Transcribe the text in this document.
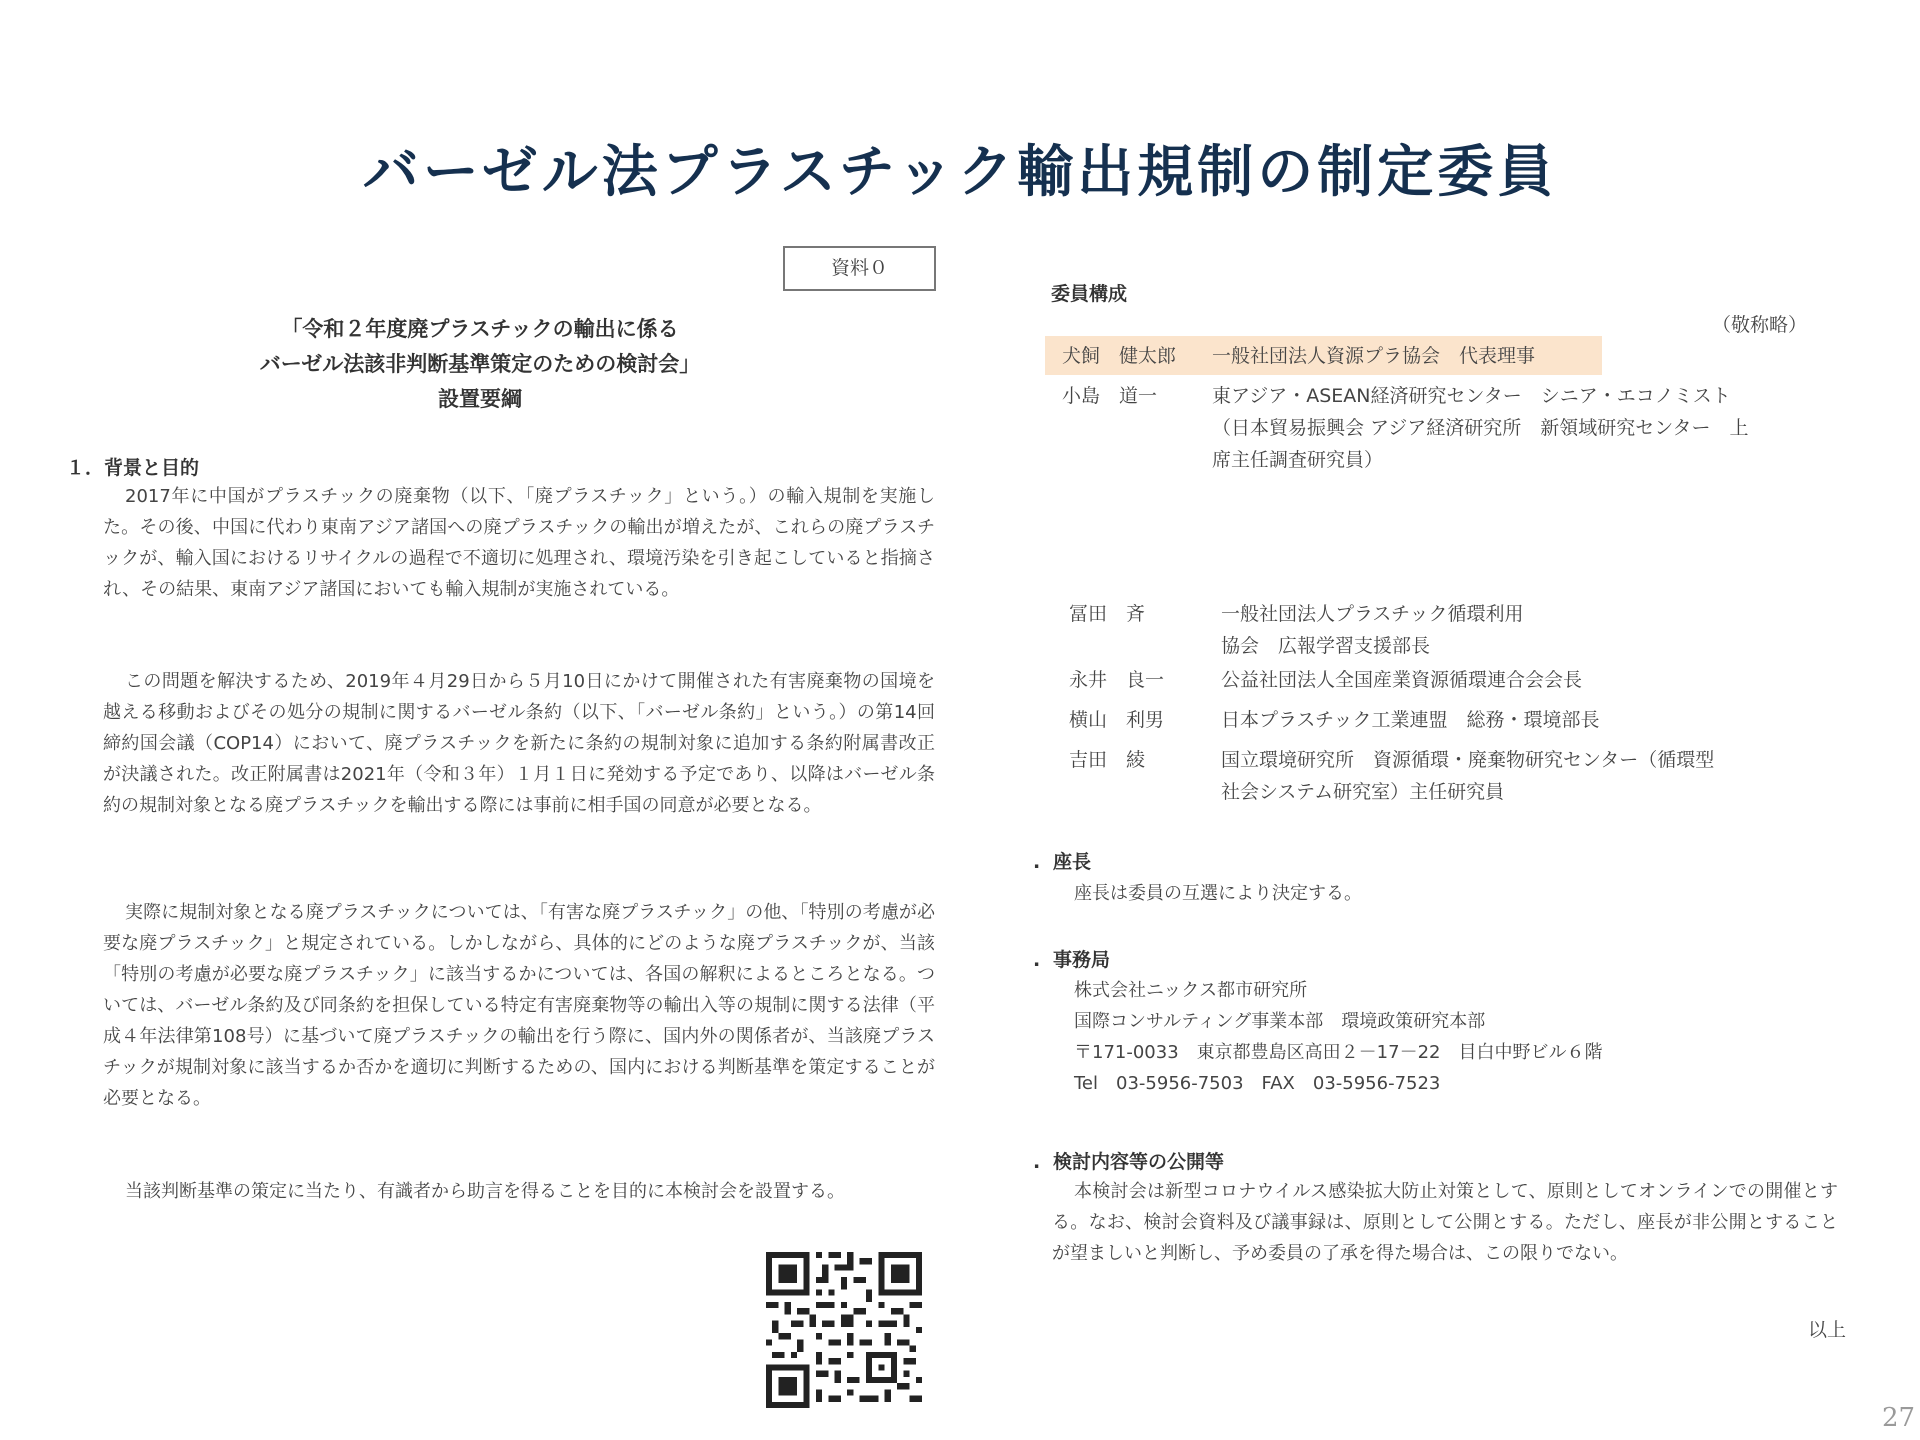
バーゼル法プラスチック輸出規制の制定委員
資料０
「令和２年度廃プラスチックの輸出に係る
バーゼル法該非判断基準策定のための検討会」
設置要綱
１．背景と目的
2017年に中国がプラスチックの廃棄物（以下、「廃プラスチック」という。）の輸入規制を実施した。その後、中国に代わり東南アジア諸国への廃プラスチックの輸出が増えたが、これらの廃プラスチックが、輸入国におけるリサイクルの過程で不適切に処理され、環境汚染を引き起こしていると指摘され、その結果、東南アジア諸国においても輸入規制が実施されている。
この問題を解決するため、2019年４月29日から５月10日にかけて開催された有害廃棄物の国境を越える移動およびその処分の規制に関するバーゼル条約（以下、「バーゼル条約」という。）の第14回締約国会議（COP14）において、廃プラスチックを新たに条約の規制対象に追加する条約附属書改正が決議された。改正附属書は2021年（令和３年）１月１日に発効する予定であり、以降はバーゼル条約の規制対象となる廃プラスチックを輸出する際には事前に相手国の同意が必要となる。
実際に規制対象となる廃プラスチックについては、「有害な廃プラスチック」の他、「特別の考慮が必要な廃プラスチック」と規定されている。しかしながら、具体的にどのような廃プラスチックが、当該「特別の考慮が必要な廃プラスチック」に該当するかについては、各国の解釈によるところとなる。ついては、バーゼル条約及び同条約を担保している特定有害廃棄物等の輸出入等の規制に関する法律（平成４年法律第108号）に基づいて廃プラスチックの輸出を行う際に、国内外の関係者が、当該廃プラスチックが規制対象に該当するか否かを適切に判断するための、国内における判断基準を策定することが必要となる。
当該判断基準の策定に当たり、有識者から助言を得ることを目的に本検討会を設置する。
委員構成
（敬称略）
犬飼　健太郎 一般社団法人資源プラ協会　代表理事
小島　道一	東アジア・ASEAN経済研究センター　シニア・エコノミスト（日本貿易振興会 アジア経済研究所　新領域研究センター　上席主任調査研究員）
冨田　斉	一般社団法人プラスチック循環利用協会　広報学習支援部長
永井　良一	公益社団法人全国産業資源循環連合会会長
横山　利男	日本プラスチック工業連盟　総務・環境部長
吉田　綾	国立環境研究所　資源循環・廃棄物研究センター（循環型社会システム研究室）主任研究員
. 座長
座長は委員の互選により決定する。
. 事務局
株式会社ニックス都市研究所
国際コンサルティング事業本部　環境政策研究本部
〒171-0033　東京都豊島区高田２－17－22　目白中野ビル６階
Tel　03-5956-7503　FAX　03-5956-7523
. 検討内容等の公開等
本検討会は新型コロナウイルス感染拡大防止対策として、原則としてオンラインでの開催とする。なお、検討会資料及び議事録は、原則として公開とする。ただし、座長が非公開とすることが望ましいと判断し、予め委員の了承を得た場合は、この限りでない。
以上
27
